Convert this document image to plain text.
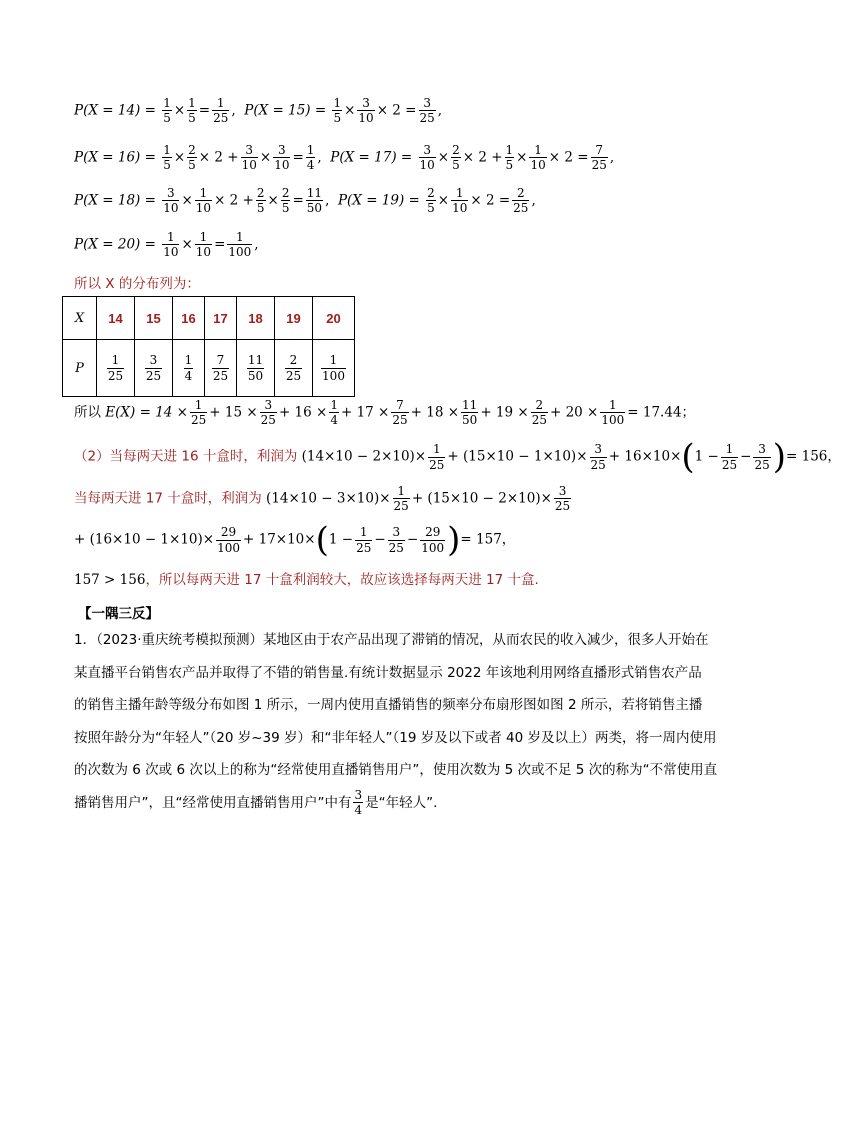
$P(X = 14) = \frac{1}{5} \times \frac{1}{5} = \frac{1}{25}$ ,  $P(X = 15) = \frac{1}{5} \times \frac{3}{10} \times 2 = \frac{3}{25}$ ,
$P(X = 16) = \frac{1}{5} \times \frac{2}{5} \times 2 + \frac{3}{10} \times \frac{3}{10} = \frac{1}{4}$ ,  $P(X = 17) = \frac{3}{10} \times \frac{2}{5} \times 2 + \frac{1}{5} \times \frac{1}{10} \times 2 = \frac{7}{25}$ ,
$P(X = 18) = \frac{3}{10} \times \frac{1}{10} \times 2 + \frac{2}{5} \times \frac{2}{5} = \frac{11}{50}$ ,  $P(X = 19) = \frac{2}{5} \times \frac{1}{10} \times 2 = \frac{2}{25}$ ,
$P(X = 20) = \frac{1}{10} \times \frac{1}{10} = \frac{1}{100}$ ,
所以 X 的分布列为：
X	14	15	16	17	18	19	20
P	$\frac{1}{25}$	$\frac{3}{25}$	$\frac{1}{4}$	$\frac{7}{25}$	$\frac{11}{50}$	$\frac{2}{25}$	$\frac{1}{100}$
所以 $E(X) = 14 \times \frac{1}{25} + 15 \times \frac{3}{25} + 16 \times \frac{1}{4} + 17 \times \frac{7}{25} + 18 \times \frac{11}{50} + 19 \times \frac{2}{25} + 20 \times \frac{1}{100} = 17.44$；
（2）当每两天进 16 十盒时，利润为 $(14\times 10 - 2\times 10)\times \frac{1}{25} + (15\times 10 - 1\times 10)\times \frac{3}{25} + 16\times 10\times(1 - \frac{1}{25} - \frac{3}{25}$ )= 156，
当每两天进 17 十盒时，利润为 $(14\times 10 - 3\times 10)\times \frac{1}{25} + (15\times 10 - 2\times 10)\times \frac{3}{25}$
+ $(16\times 10 - 1\times 10)\times \frac{29}{100} + 17\times 10\times(1 - \frac{1}{25} - \frac{3}{25} - \frac{29}{100}$ )= 157，
157 > 156，所以每两天进 17 十盒利润较大，故应该选择每两天进 17 十盒.
【一隅三反】
1．（2023·重庆统考模拟预测）某地区由于农产品出现了滞销的情况，从而农民的收入减少，很多人开始在
某直播平台销售农产品并取得了不错的销售量.有统计数据显示 2022 年该地利用网络直播形式销售农产品
的销售主播年龄等级分布如图 1 所示，一周内使用直播销售的频率分布扇形图如图 2 所示，若将销售主播
按照年龄分为“年轻人”（20 岁~39 岁）和“非年轻人”（19 岁及以下或者 40 岁及以上）两类，将一周内使用
的次数为 6 次或 6 次以上的称为“经常使用直播销售用户”，使用次数为 5 次或不足 5 次的称为“不常使用直
播销售用户”，且“经常使用直播销售用户”中有 $\frac{3}{4}$ 是“年轻人”.
